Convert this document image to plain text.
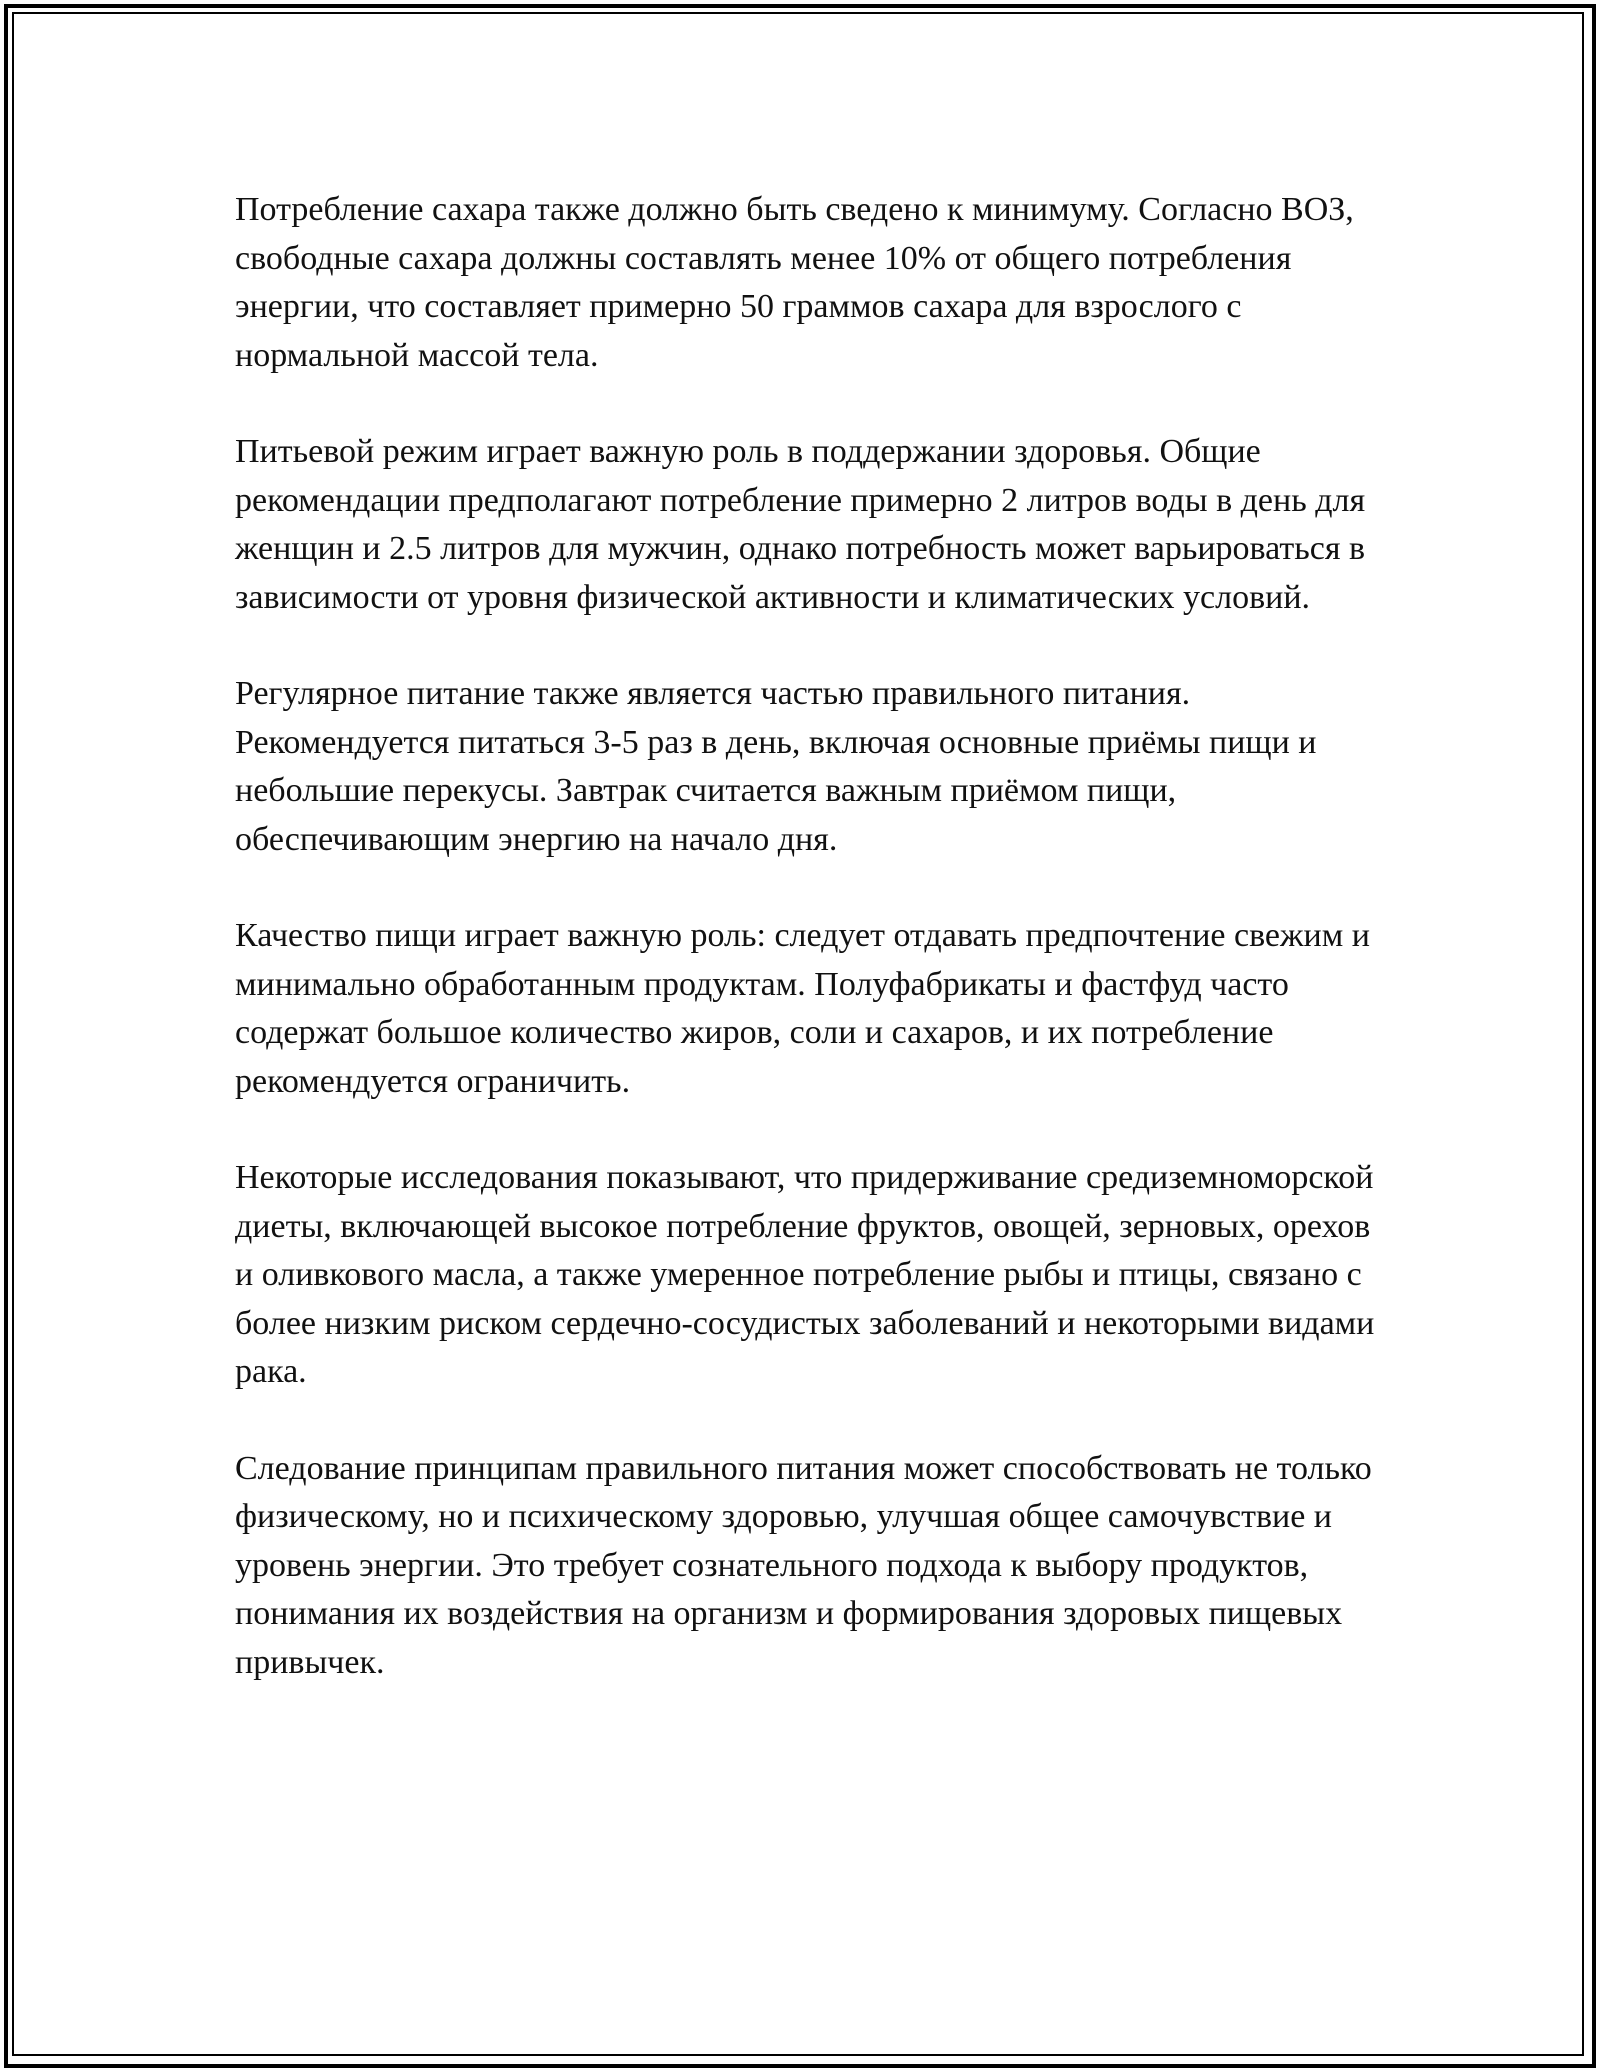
Потребление сахара также должно быть сведено к минимуму. Согласно ВОЗ, свободные сахара должны составлять менее 10% от общего потребления энергии, что составляет примерно 50 граммов сахара для взрослого с нормальной массой тела.

Питьевой режим играет важную роль в поддержании здоровья. Общие рекомендации предполагают потребление примерно 2 литров воды в день для женщин и 2.5 литров для мужчин, однако потребность может варьироваться в зависимости от уровня физической активности и климатических условий.

Регулярное питание также является частью правильного питания. Рекомендуется питаться 3-5 раз в день, включая основные приёмы пищи и небольшие перекусы. Завтрак считается важным приёмом пищи, обеспечивающим энергию на начало дня.

Качество пищи играет важную роль: следует отдавать предпочтение свежим и минимально обработанным продуктам. Полуфабрикаты и фастфуд часто содержат большое количество жиров, соли и сахаров, и их потребление рекомендуется ограничить.

Некоторые исследования показывают, что придерживание средиземноморской диеты, включающей высокое потребление фруктов, овощей, зерновых, орехов и оливкового масла, а также умеренное потребление рыбы и птицы, связано с более низким риском сердечно-сосудистых заболеваний и некоторыми видами рака.

Следование принципам правильного питания может способствовать не только физическому, но и психическому здоровью, улучшая общее самочувствие и уровень энергии. Это требует сознательного подхода к выбору продуктов, понимания их воздействия на организм и формирования здоровых пищевых привычек.
